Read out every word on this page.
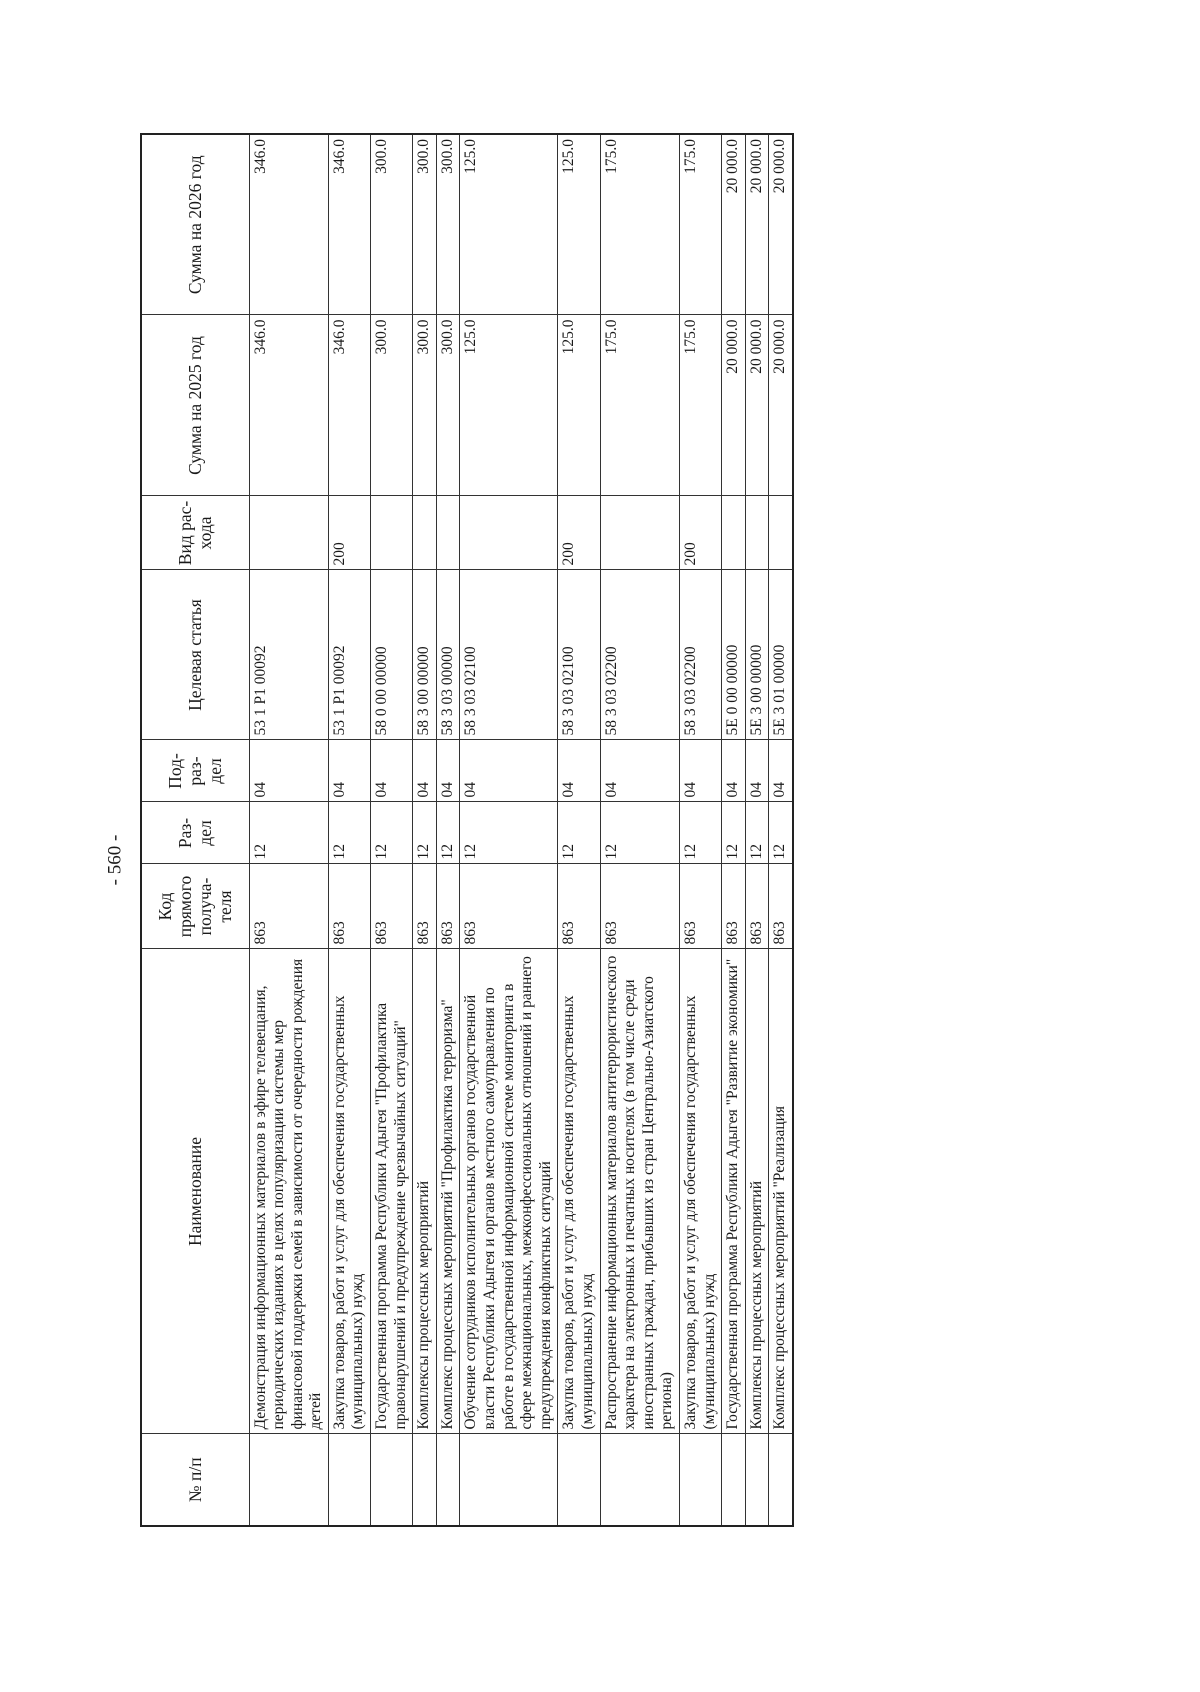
- 560 -
№ п/п	Наименование	Код прямого получа-теля	Раз-дел	Под-раз-дел	Целевая статья	Вид рас-хода	Сумма на 2025 год	Сумма на 2026 год
	Демонстрация информационных материалов в эфире телевещания, периодических изданиях в целях популяризации системы мер финансовой поддержки семей в зависимости от очередности рождения детей	863	12	04	53 1 Р1 00092		346.0	346.0
	Закупка товаров, работ и услуг для обеспечения государственных (муниципальных) нужд	863	12	04	53 1 Р1 00092	200	346.0	346.0
	Государственная программа Республики Адыгея "Профилактика правонарушений и предупреждение чрезвычайных ситуаций"	863	12	04	58 0 00 00000		300.0	300.0
	Комплексы процессных мероприятий	863	12	04	58 3 00 00000		300.0	300.0
	Комплекс процессных мероприятий "Профилактика терроризма"	863	12	04	58 3 03 00000		300.0	300.0
	Обучение сотрудников исполнительных органов государственной власти Республики Адыгея и органов местного самоуправления по работе в государственной информационной системе мониторинга в сфере межнациональных, межконфессиональных отношений и раннего предупреждения конфликтных ситуаций	863	12	04	58 3 03 02100		125.0	125.0
	Закупка товаров, работ и услуг для обеспечения государственных (муниципальных) нужд	863	12	04	58 3 03 02100	200	125.0	125.0
	Распространение информационных материалов антитеррористического характера на электронных и печатных носителях (в том числе среди иностранных граждан, прибывших из стран Центрально-Азиатского региона)	863	12	04	58 3 03 02200		175.0	175.0
	Закупка товаров, работ и услуг для обеспечения государственных (муниципальных) нужд	863	12	04	58 3 03 02200	200	175.0	175.0
	Государственная программа Республики Адыгея "Развитие экономики"	863	12	04	5Е 0 00 00000		20 000.0	20 000.0
	Комплексы процессных мероприятий	863	12	04	5Е 3 00 00000		20 000.0	20 000.0
	Комплекс процессных мероприятий "Реализация	863	12	04	5Е 3 01 00000		20 000.0	20 000.0
